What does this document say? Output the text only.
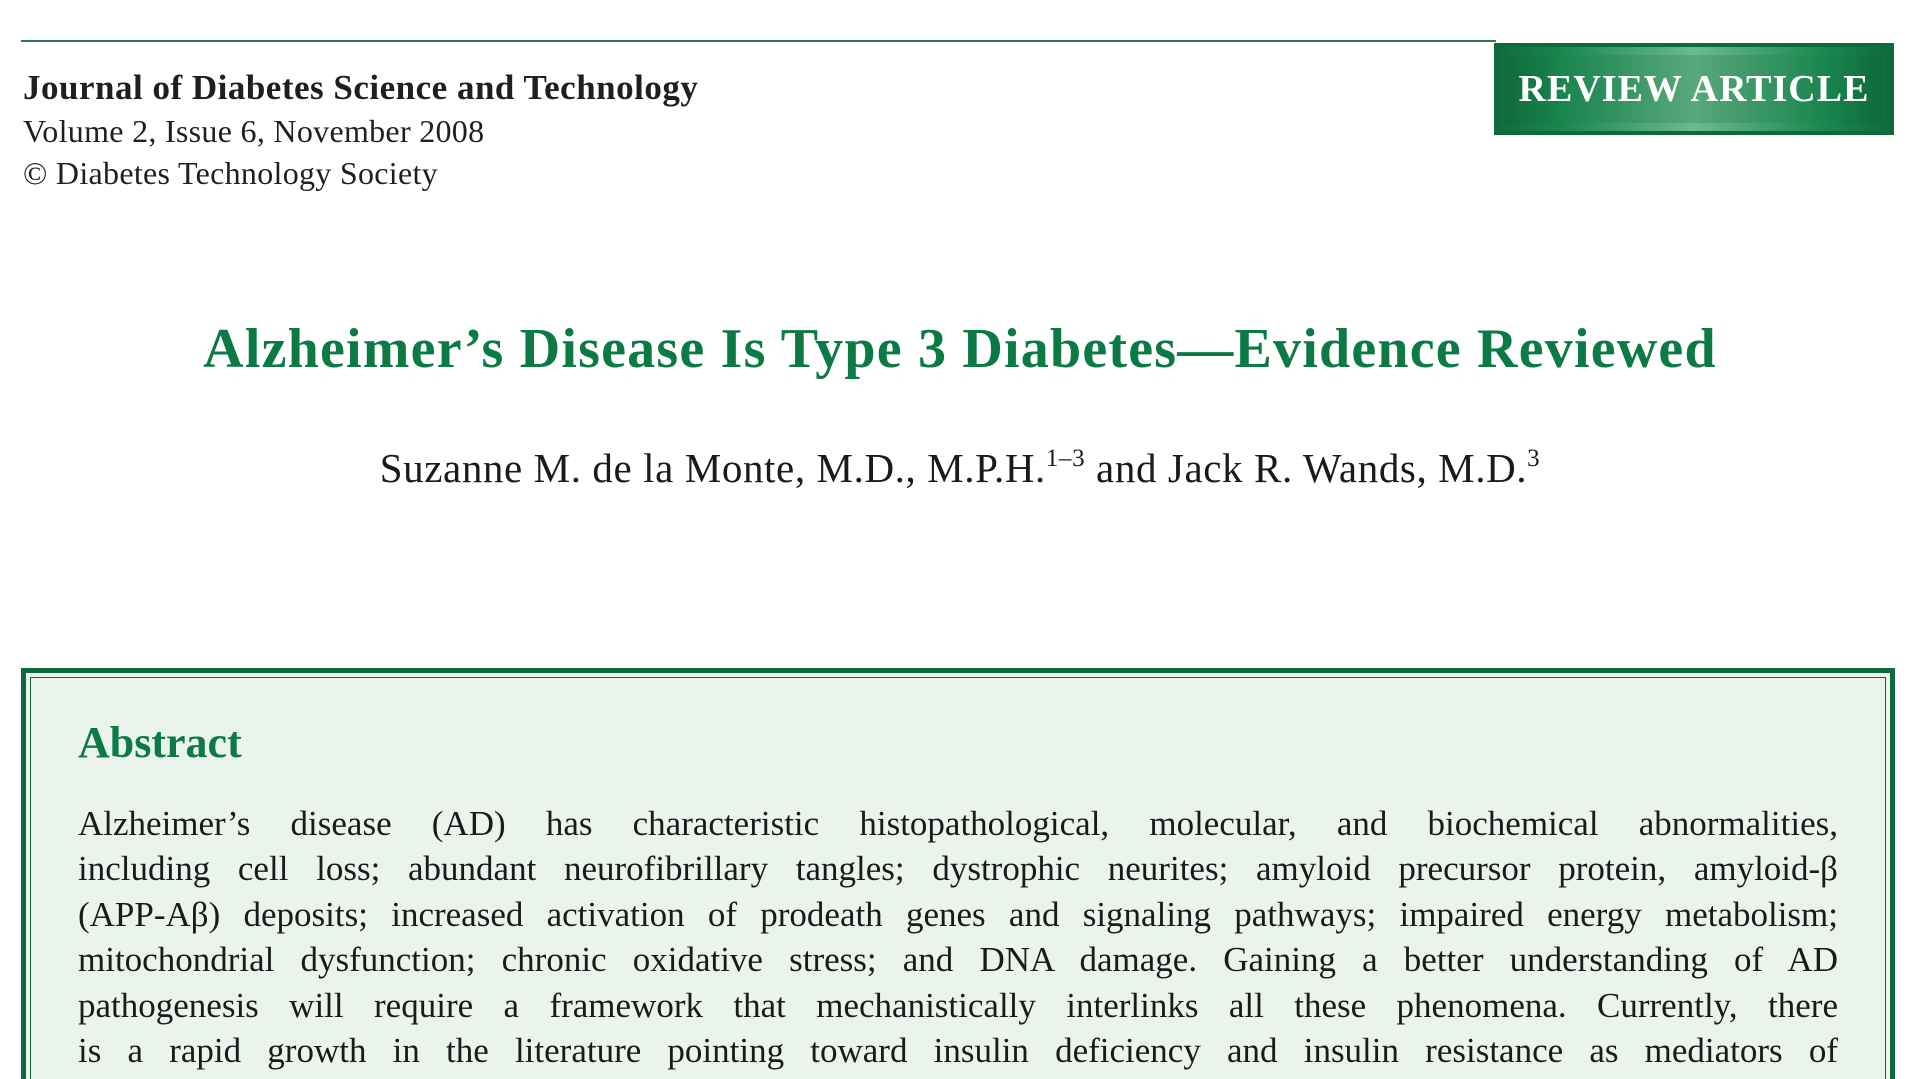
Journal of Diabetes Science and Technology
Volume 2, Issue 6, November 2008
© Diabetes Technology Society
REVIEW ARTICLE
Alzheimer’s Disease Is Type 3 Diabetes—Evidence Reviewed
Suzanne M. de la Monte, M.D., M.P.H.$^{1-3}$ and Jack R. Wands, M.D.$^3$
Abstract
Alzheimer’s disease (AD) has characteristic histopathological, molecular, and biochemical abnormalities,
including cell loss; abundant neurofibrillary tangles; dystrophic neurites; amyloid precursor protein, amyloid-β
(APP-Aβ) deposits; increased activation of prodeath genes and signaling pathways; impaired energy metabolism;
mitochondrial dysfunction; chronic oxidative stress; and DNA damage. Gaining a better understanding of AD
pathogenesis will require a framework that mechanistically interlinks all these phenomena. Currently, there
is a rapid growth in the literature pointing toward insulin deficiency and insulin resistance as mediators of
